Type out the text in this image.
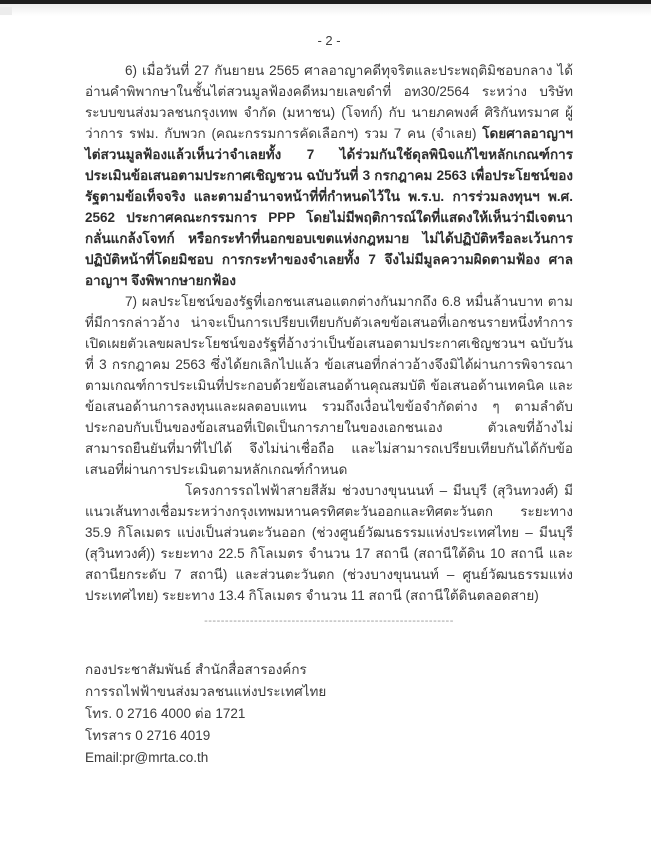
- 2 -

6) เมื่อวันที่ 27 กันยายน 2565 ศาลอาญาคดีทุจริตและประพฤติมิชอบกลาง ได้อ่านคำพิพากษาในชั้นไต่สวนมูลฟ้องคดีหมายเลขดำที่ อท30/2564 ระหว่าง บริษัท ระบบขนส่งมวลชนกรุงเทพ จำกัด (มหาชน) (โจทก์) กับ นายภคพงศ์ ศิริกันทรมาศ ผู้ว่าการ รฟม. กับพวก (คณะกรรมการคัดเลือกฯ) รวม 7 คน (จำเลย) โดยศาลอาญาฯ ไต่สวนมูลฟ้องแล้วเห็นว่าจำเลยทั้ง 7 ได้ร่วมกันใช้ดุลพินิจแก้ไขหลักเกณฑ์การประเมินข้อเสนอตามประกาศเชิญชวน ฉบับวันที่ 3 กรกฎาคม 2563 เพื่อประโยชน์ของรัฐตามข้อเท็จจริง และตามอำนาจหน้าที่ที่กำหนดไว้ใน พ.ร.บ. การร่วมลงทุนฯ พ.ศ. 2562 ประกาศคณะกรรมการ PPP โดยไม่มีพฤติการณ์ใดที่แสดงให้เห็นว่ามีเจตนากลั่นแกล้งโจทก์ หรือกระทำที่นอกขอบเขตแห่งกฎหมาย ไม่ได้ปฏิบัติหรือละเว้นการปฏิบัติหน้าที่โดยมิชอบ การกระทำของจำเลยทั้ง 7 จึงไม่มีมูลความผิดตามฟ้อง ศาลอาญาฯ จึงพิพากษายกฟ้อง

7) ผลประโยชน์ของรัฐที่เอกชนเสนอแตกต่างกันมากถึง 6.8 หมื่นล้านบาท ตามที่มีการกล่าวอ้าง น่าจะเป็นการเปรียบเทียบกับตัวเลขข้อเสนอที่เอกชนรายหนึ่งทำการเปิดเผยตัวเลขผลประโยชน์ของรัฐที่อ้างว่าเป็นข้อเสนอตามประกาศเชิญชวนฯ ฉบับวันที่ 3 กรกฎาคม 2563 ซึ่งได้ยกเลิกไปแล้ว ข้อเสนอที่กล่าวอ้างจึงมิได้ผ่านการพิจารณาตามเกณฑ์การประเมินที่ประกอบด้วยข้อเสนอด้านคุณสมบัติ ข้อเสนอด้านเทคนิค และข้อเสนอด้านการลงทุนและผลตอบแทน รวมถึงเงื่อนไขข้อจำกัดต่าง ๆ ตามลำดับ ประกอบกับเป็นของข้อเสนอที่เปิดเป็นการภายในของเอกชนเอง ตัวเลขที่อ้างไม่สามารถยืนยันที่มาที่ไปได้ จึงไม่น่าเชื่อถือ และไม่สามารถเปรียบเทียบกันได้กับข้อเสนอที่ผ่านการประเมินตามหลักเกณฑ์กำหนด

โครงการรถไฟฟ้าสายสีส้ม ช่วงบางขุนนนท์ – มีนบุรี (สุวินทวงศ์) มีแนวเส้นทางเชื่อมระหว่างกรุงเทพมหานครทิศตะวันออกและทิศตะวันตก ระยะทาง 35.9 กิโลเมตร แบ่งเป็นส่วนตะวันออก (ช่วงศูนย์วัฒนธรรมแห่งประเทศไทย – มีนบุรี (สุวินทวงศ์)) ระยะทาง 22.5 กิโลเมตร จำนวน 17 สถานี (สถานีใต้ดิน 10 สถานี และสถานียกระดับ 7 สถานี) และส่วนตะวันตก (ช่วงบางขุนนนท์ – ศูนย์วัฒนธรรมแห่งประเทศไทย) ระยะทาง 13.4 กิโลเมตร จำนวน 11 สถานี (สถานีใต้ดินตลอดสาย)

------------------------------------------------------------
กองประชาสัมพันธ์ สำนักสื่อสารองค์กร
การรถไฟฟ้าขนส่งมวลชนแห่งประเทศไทย
โทร. 0 2716 4000 ต่อ 1721
โทรสาร 0 2716 4019
Email:pr@mrta.co.th
